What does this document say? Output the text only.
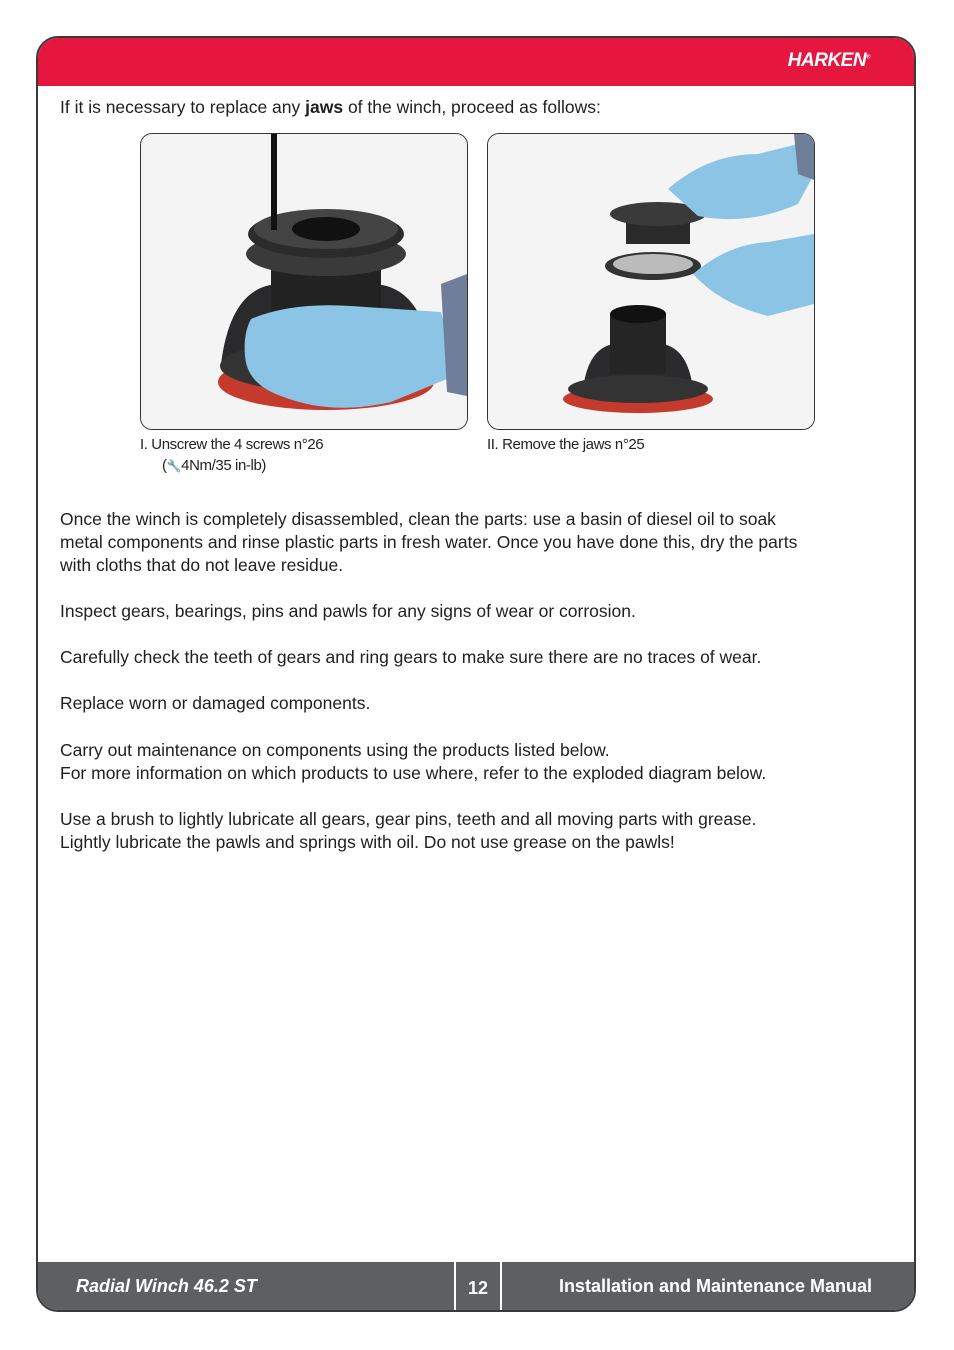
HARKEN®
Radial Winch 46.2 ST	12	Installation and Maintenance Manual

If it is necessary to replace any jaws of the winch, proceed as follows:

I. Unscrew the 4 screws n°26
(🔧4Nm/35 in-lb)
II. Remove the jaws n°25

Once the winch is completely disassembled, clean the parts: use a basin of diesel oil to soak

metal components and rinse plastic parts in fresh water. Once you have done this, dry the parts

with cloths that do not leave residue.

Inspect gears, bearings, pins and pawls for any signs of wear or corrosion.

Carefully check the teeth of gears and ring gears to make sure there are no traces of wear.

Replace worn or damaged components.

Carry out maintenance on components using the products listed below.

For more information on which products to use where, refer to the exploded diagram below.

Use a brush to lightly lubricate all gears, gear pins, teeth and all moving parts with grease.

Lightly lubricate the pawls and springs with oil. Do not use grease on the pawls!
